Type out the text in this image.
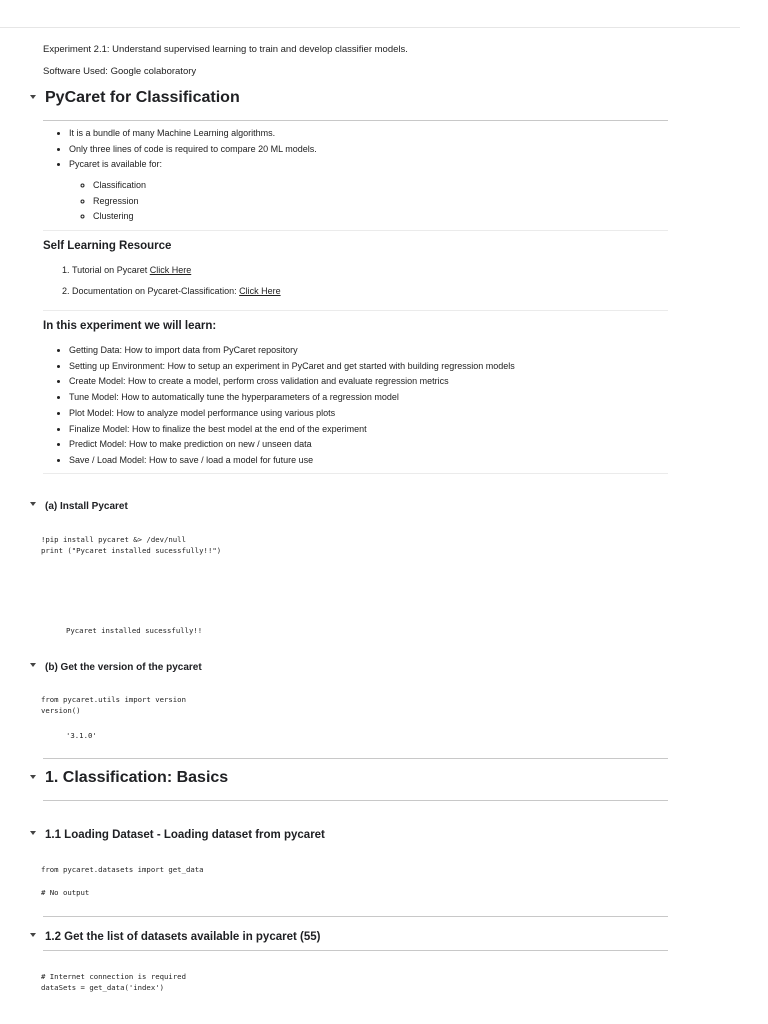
Experiment 2.1: Understand supervised learning to train and develop classifier models.
Software Used: Google colaboratory
PyCaret for Classification
• It is a bundle of many Machine Learning algorithms.
• Only three lines of code is required to compare 20 ML models.
• Pycaret is available for:
◦ Classification
◦ Regression
◦ Clustering
Self Learning Resource
1. Tutorial on Pycaret Click Here
2. Documentation on Pycaret-Classification: Click Here
In this experiment we will learn:
• Getting Data: How to import data from PyCaret repository
• Setting up Environment: How to setup an experiment in PyCaret and get started with building regression models
• Create Model: How to create a model, perform cross validation and evaluate regression metrics
• Tune Model: How to automatically tune the hyperparameters of a regression model
• Plot Model: How to analyze model performance using various plots
• Finalize Model: How to finalize the best model at the end of the experiment
• Predict Model: How to make prediction on new / unseen data
• Save / Load Model: How to save / load a model for future use
(a) Install Pycaret
!pip install pycaret &> /dev/null
print ("Pycaret installed sucessfully!!")
Pycaret installed sucessfully!!
(b) Get the version of the pycaret
from pycaret.utils import version
version()
'3.1.0'
1. Classification: Basics
1.1 Loading Dataset - Loading dataset from pycaret
from pycaret.datasets import get_data
# No output
1.2 Get the list of datasets available in pycaret (55)
# Internet connection is required
dataSets = get_data('index')
